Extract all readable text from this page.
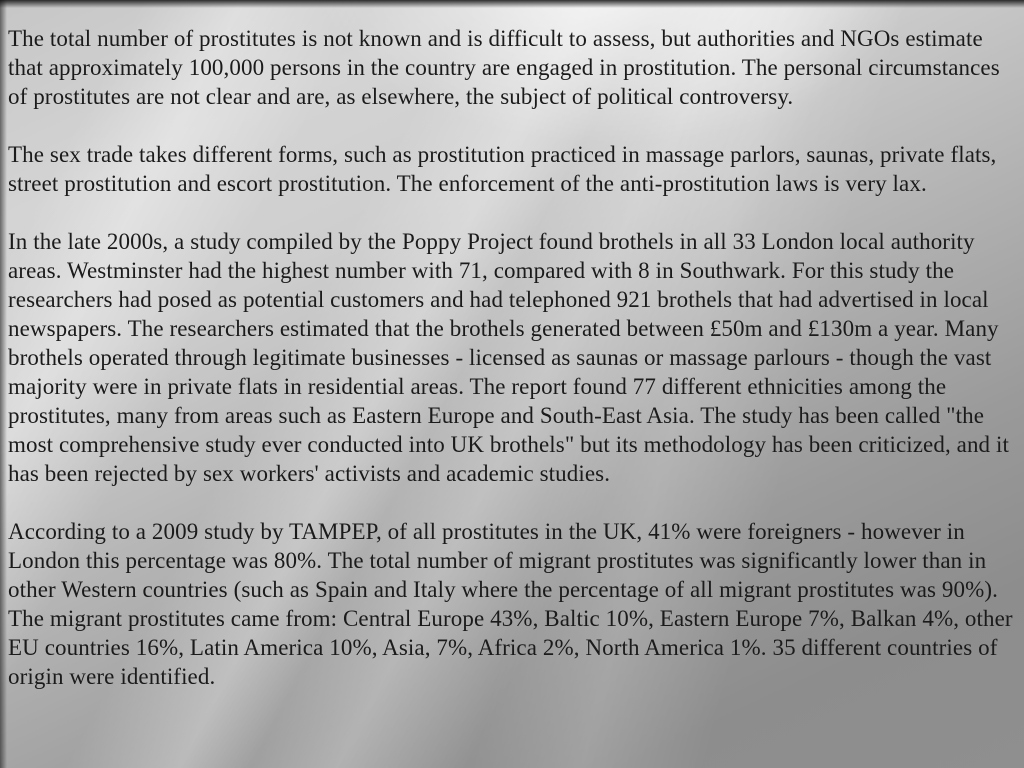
The total number of prostitutes is not known and is difficult to assess, but authorities and NGOs estimate that approximately 100,000 persons in the country are engaged in prostitution. The personal circumstances of prostitutes are not clear and are, as elsewhere, the subject of political controversy.

The sex trade takes different forms, such as prostitution practiced in massage parlors, saunas, private flats, street prostitution and escort prostitution. The enforcement of the anti-prostitution laws is very lax.

In the late 2000s, a study compiled by the Poppy Project found brothels in all 33 London local authority areas. Westminster had the highest number with 71, compared with 8 in Southwark. For this study the researchers had posed as potential customers and had telephoned 921 brothels that had advertised in local newspapers. The researchers estimated that the brothels generated between £50m and £130m a year. Many brothels operated through legitimate businesses - licensed as saunas or massage parlours - though the vast majority were in private flats in residential areas. The report found 77 different ethnicities among the prostitutes, many from areas such as Eastern Europe and South-East Asia. The study has been called "the most comprehensive study ever conducted into UK brothels" but its methodology has been criticized, and it has been rejected by sex workers' activists and academic studies.

According to a 2009 study by TAMPEP, of all prostitutes in the UK, 41% were foreigners - however in London this percentage was 80%. The total number of migrant prostitutes was significantly lower than in other Western countries (such as Spain and Italy where the percentage of all migrant prostitutes was 90%). The migrant prostitutes came from: Central Europe 43%, Baltic 10%, Eastern Europe 7%, Balkan 4%, other EU countries 16%, Latin America 10%, Asia, 7%, Africa 2%, North America 1%. 35 different countries of origin were identified.
